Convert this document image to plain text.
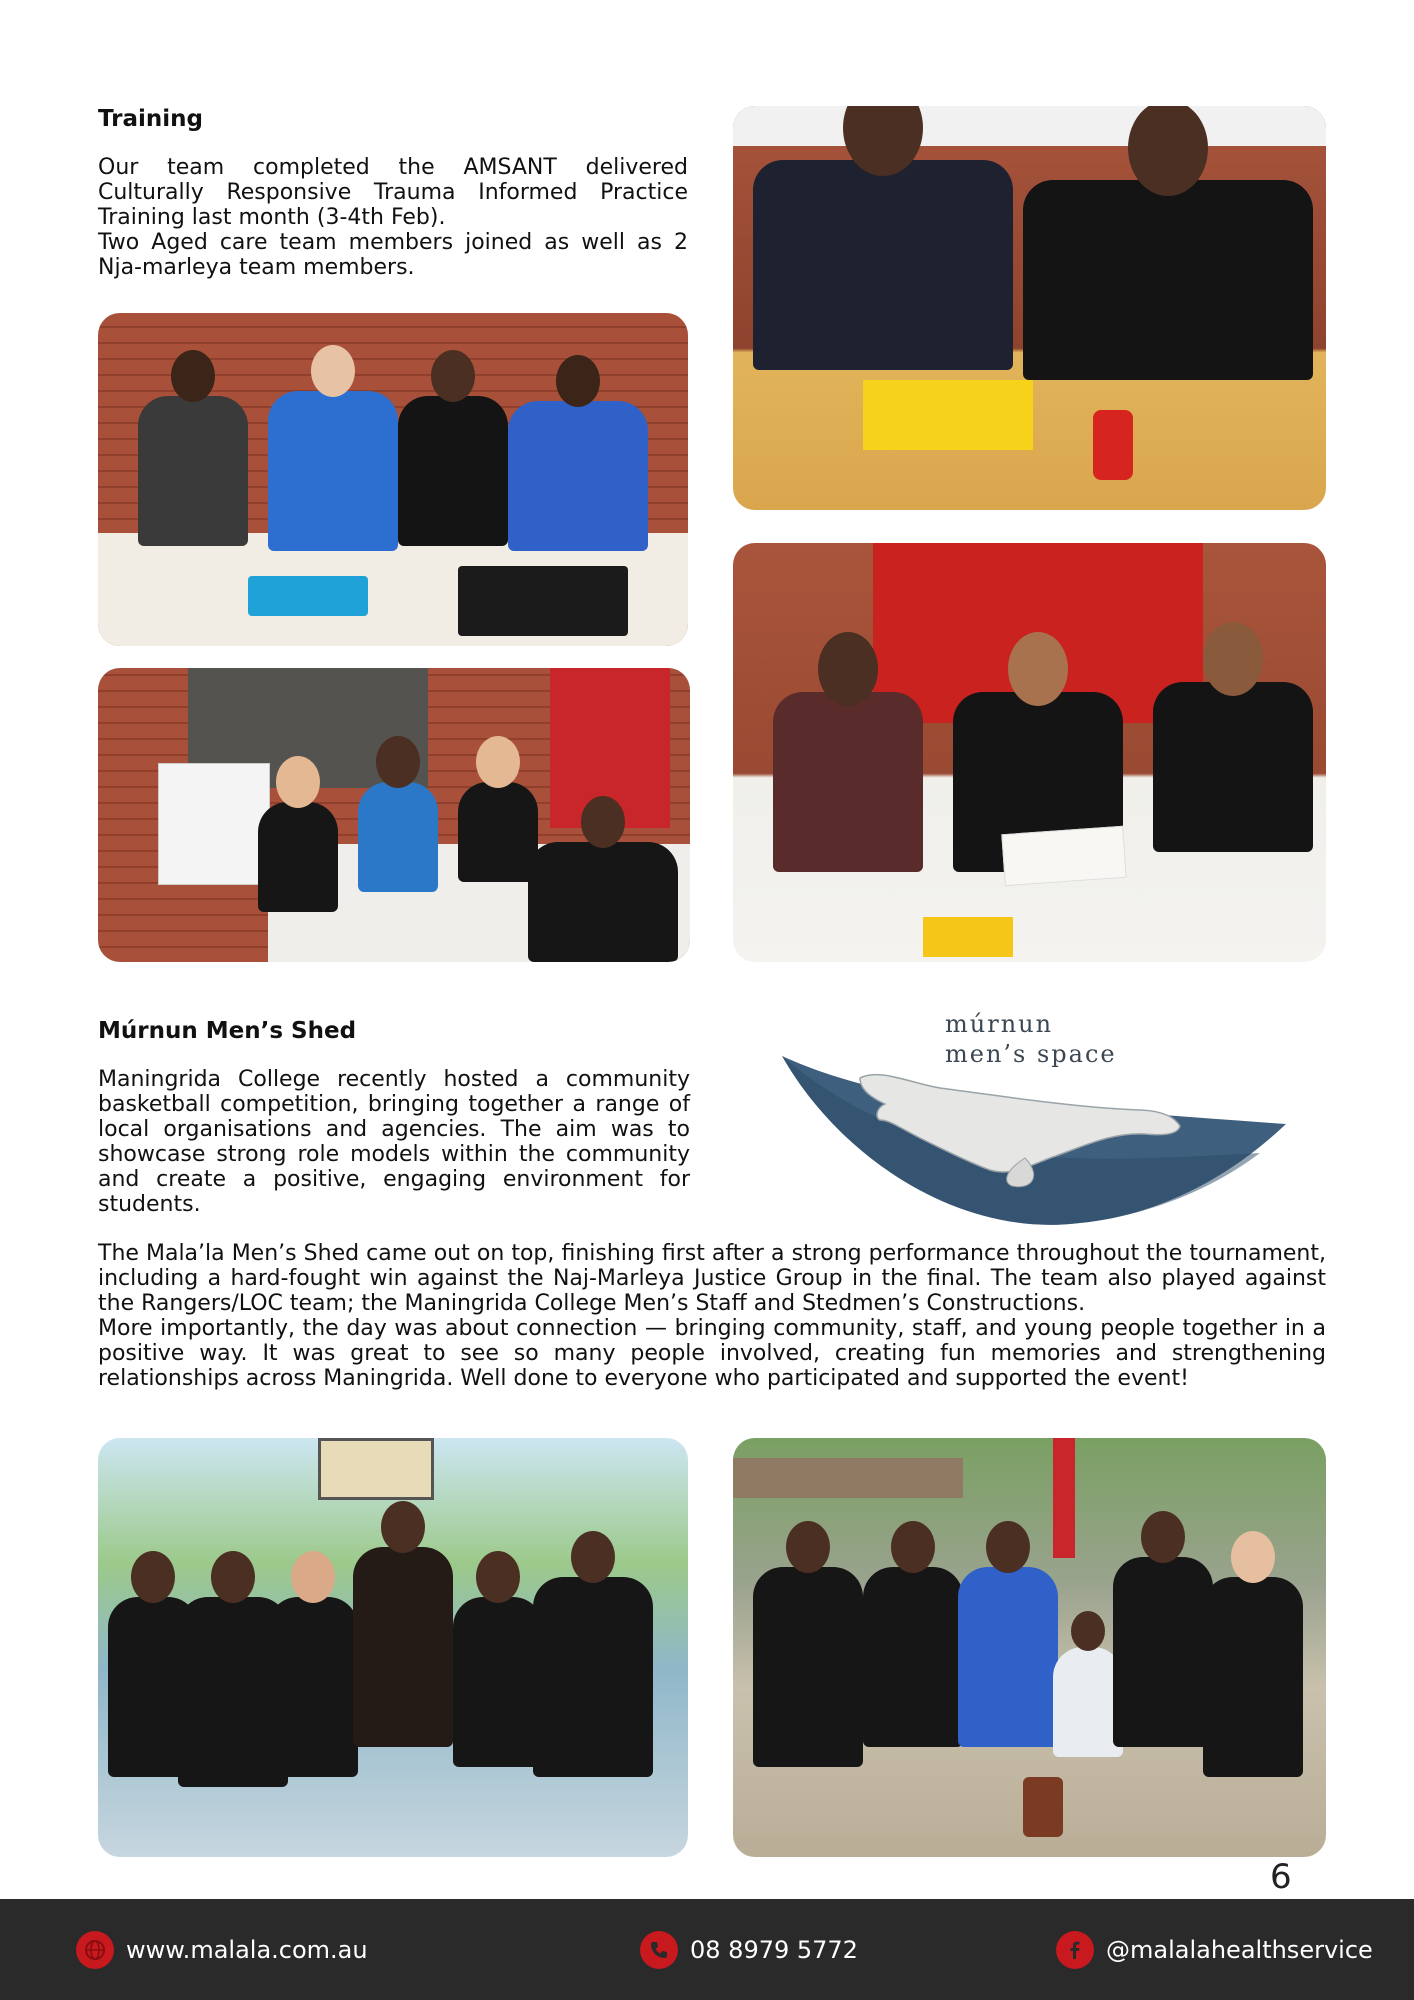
Training

Our team completed the AMSANT delivered Culturally Responsive Trauma Informed Practice Training last month (3-4th Feb).

Two Aged care team members joined as well as 2 Nja-marleya team members.

Múrnun Men’s Shed

Maningrida College recently hosted a community basketball competition, bringing together a range of local organisations and agencies. The aim was to showcase strong role models within the community and create a positive, engaging environment for students.

múrnun
men’s space

The Mala’la Men’s Shed came out on top, finishing first after a strong performance throughout the tournament, including a hard-fought win against the Naj-Marleya Justice Group in the final. The team also played against the Rangers/LOC team; the Maningrida College Men’s Staff and Stedmen’s Constructions.

More importantly, the day was about connection — bringing community, staff, and young people together in a positive way. It was great to see so many people involved, creating fun memories and strengthening relationships across Maningrida. Well done to everyone who participated and supported the event!

6
www.malala.com.au	08 8979 5772	@malalahealthservice
